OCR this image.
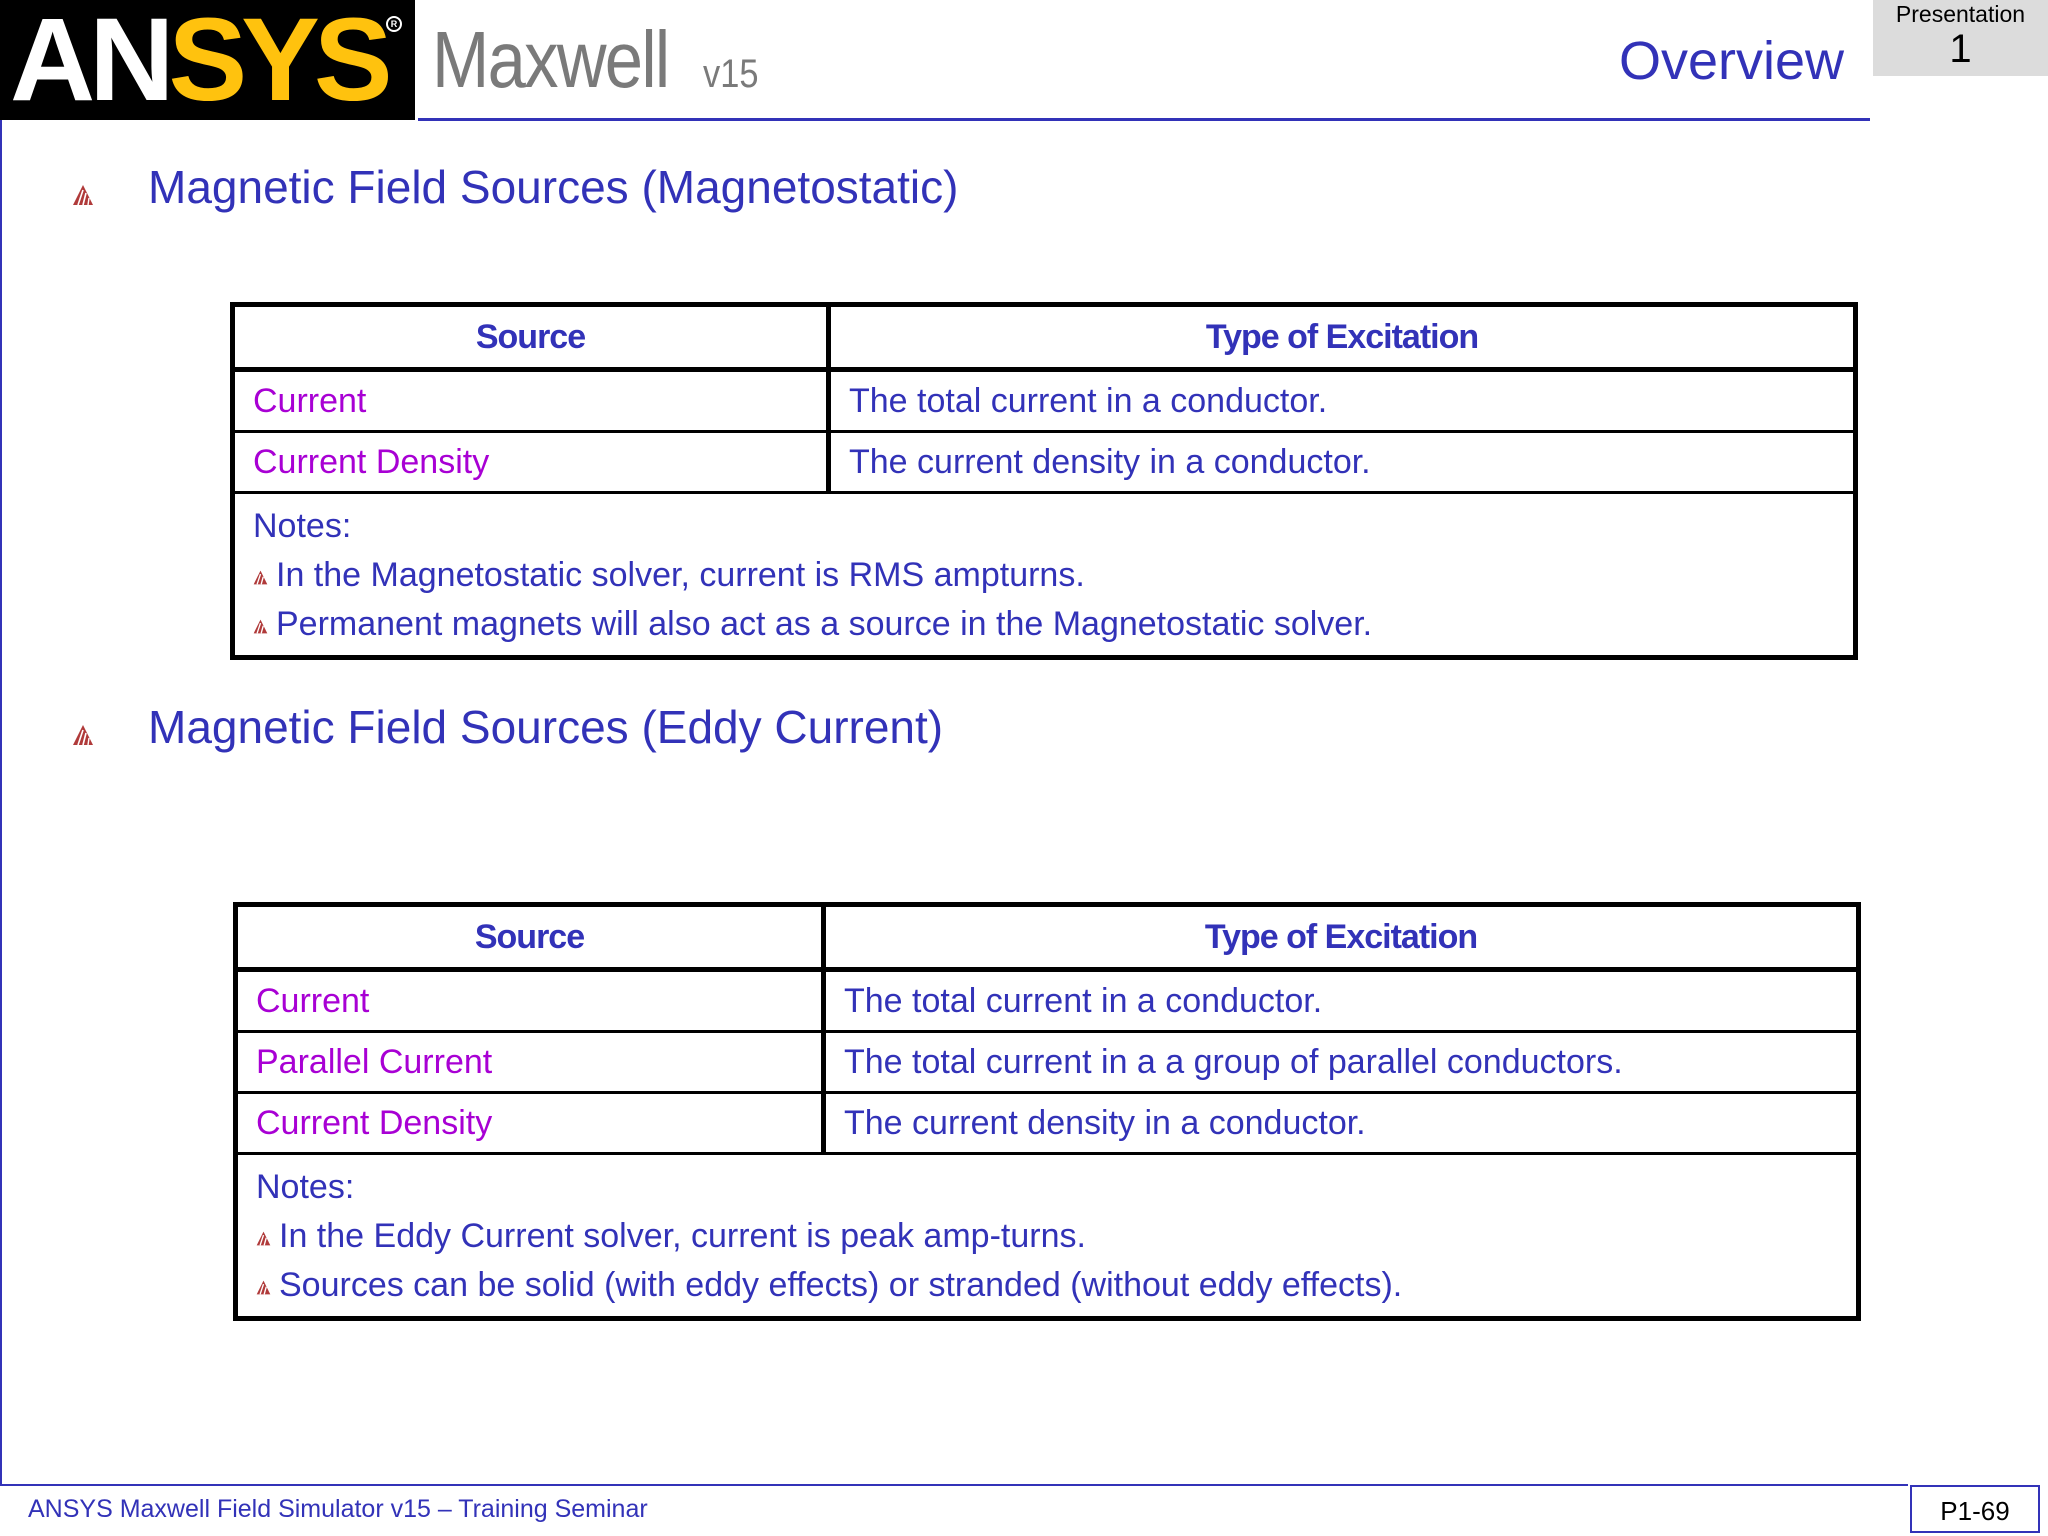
ANSYS R Maxwell v15	Overview
Presentation
1
Magnetic Field Sources (Magnetostatic)
Source	Type of Excitation
Current	The total current in a conductor.
Current Density	The current density in a conductor.

Notes:
In the Magnetostatic solver, current is RMS ampturns.
Permanent magnets will also act as a source in the Magnetostatic solver.	
Magnetic Field Sources (Eddy Current)
Source	Type of Excitation
Current	The total current in a conductor.
Parallel Current	The total current in a a group of parallel conductors.
Current Density	The current density in a conductor.

Notes:
In the Eddy Current solver, current is peak amp-turns.
Sources can be solid (with eddy effects) or stranded (without eddy effects).	
ANSYS Maxwell Field Simulator v15 – Training Seminar	P1-69
